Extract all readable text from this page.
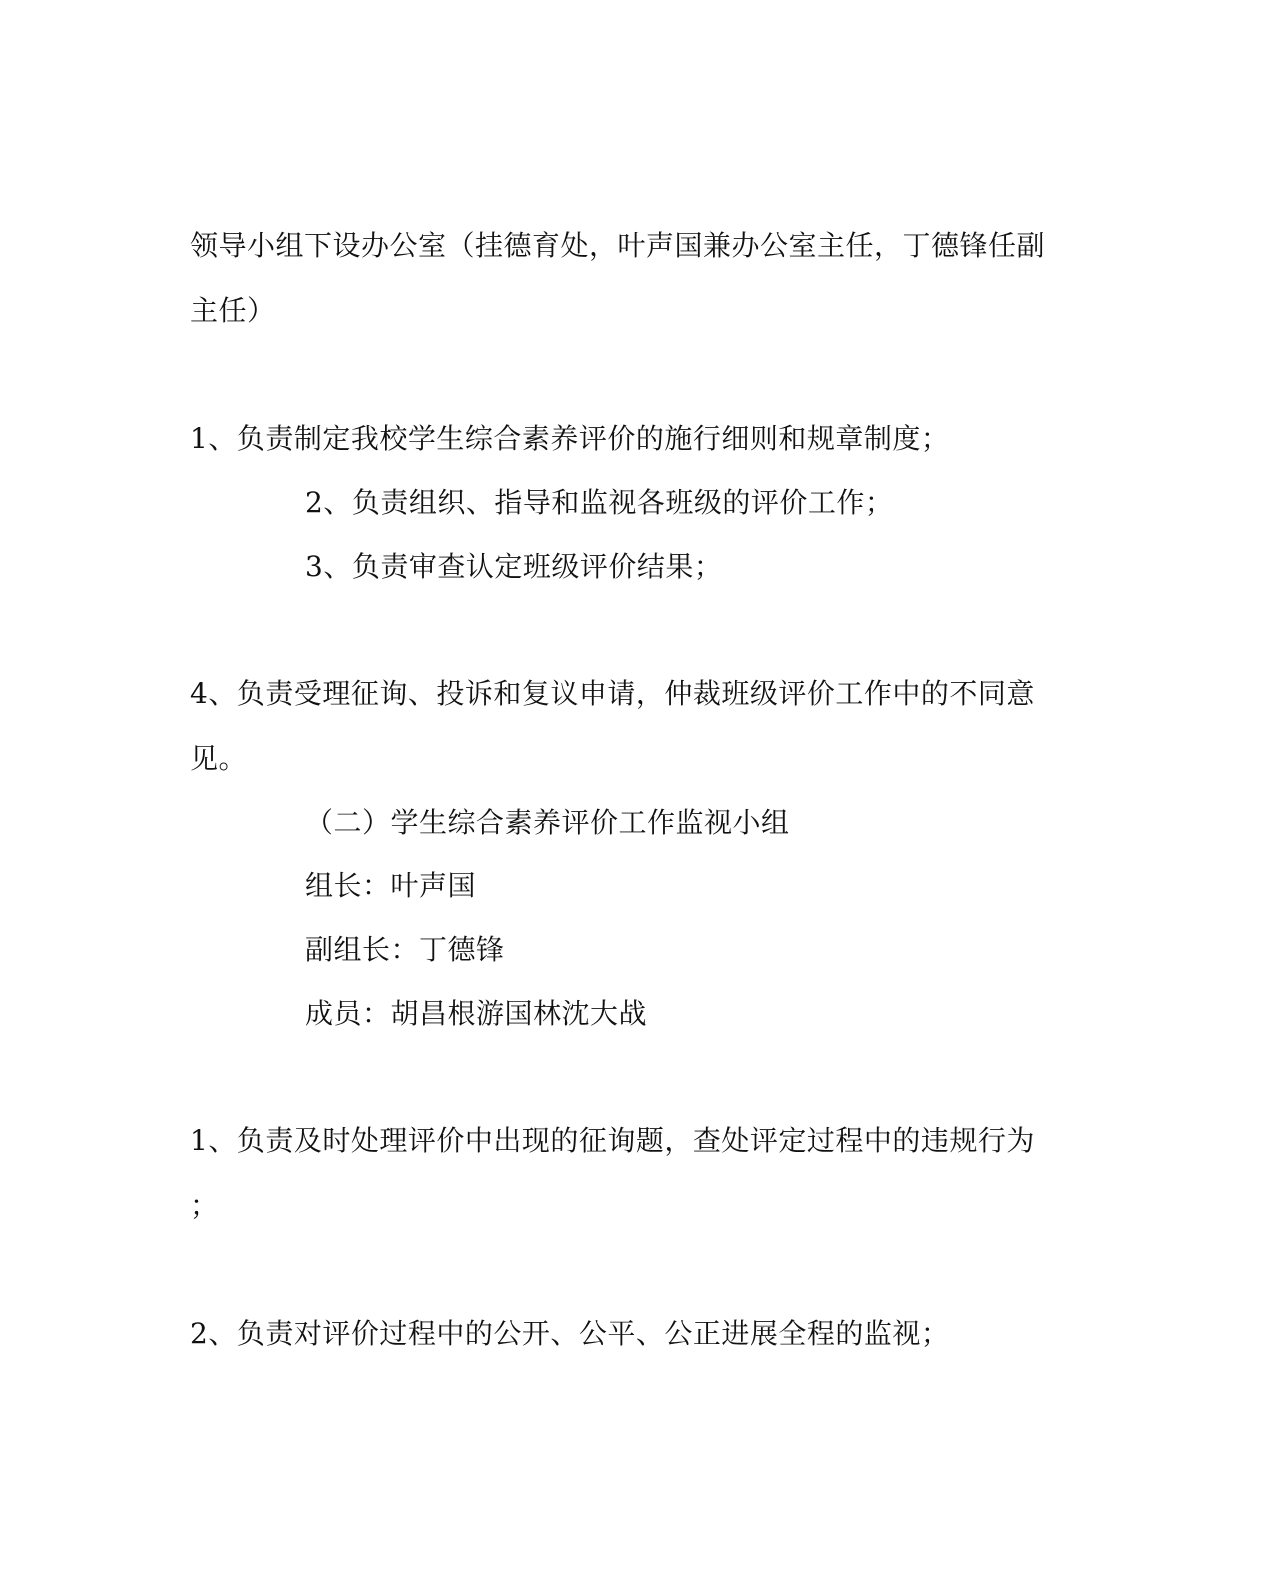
领导小组下设办公室（挂德育处，叶声国兼办公室主任，丁德锋任副
主任）
1、负责制定我校学生综合素养评价的施行细则和规章制度；
2、负责组织、指导和监视各班级的评价工作；
3、负责审查认定班级评价结果；
4、负责受理征询、投诉和复议申请，仲裁班级评价工作中的不同意
见。
（二）学生综合素养评价工作监视小组
组长：叶声国
副组长：丁德锋
成员：胡昌根游国林沈大战
1、负责及时处理评价中出现的征询题，查处评定过程中的违规行为
；
2、负责对评价过程中的公开、公平、公正进展全程的监视；
